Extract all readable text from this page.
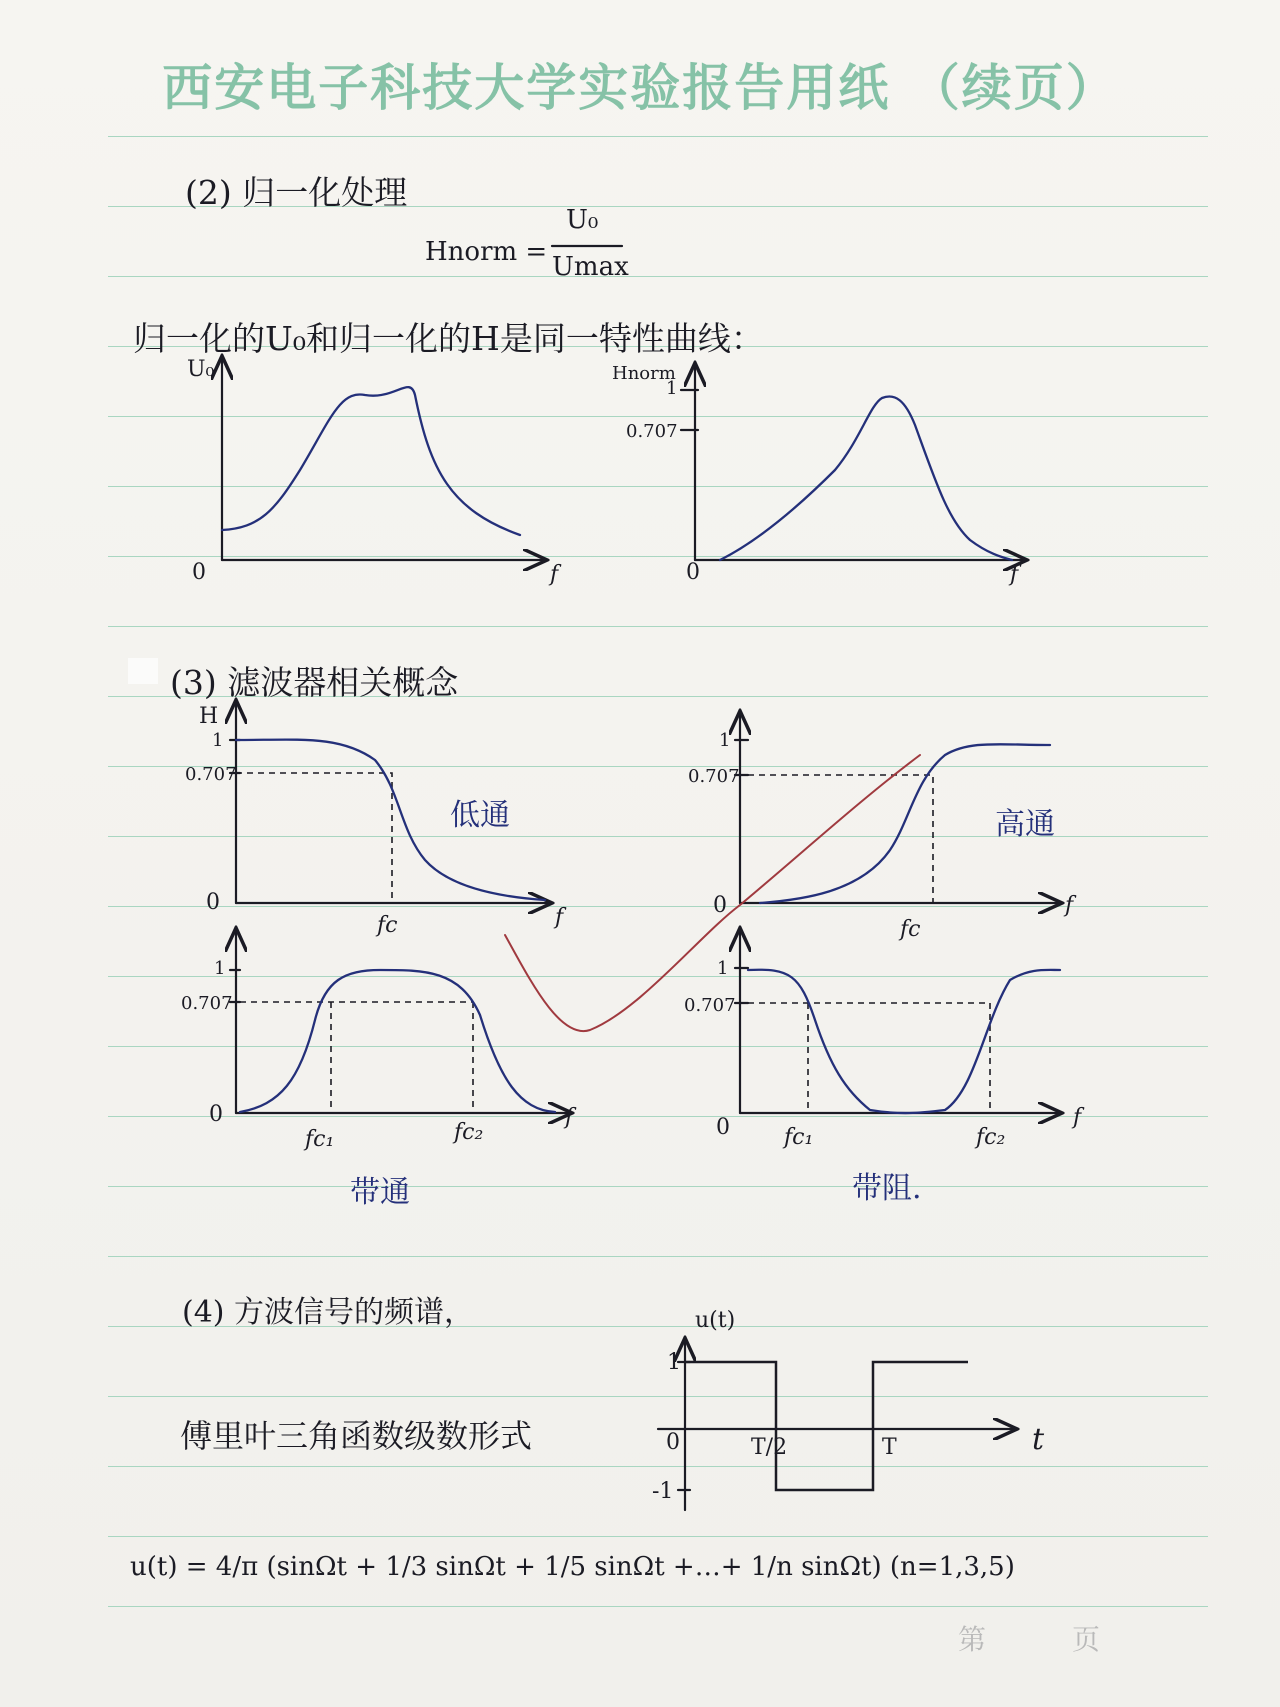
西安电子科技大学实验报告用纸 （续页）
(2) 归一化处理
Hnorm =
U₀
Umax
归一化的U₀和归一化的H是同一特性曲线：
U₀
0	f
Hnorm
1
0.707
0	f
(3) 滤波器相关概念
H
1
0.707
0
fc	f
低通
1
0.707
0
fc
f
高通
1
0.707
0
fc₁	fc₂
f
带通
1
0.707
0 fc₁	fc₂
f
带阻.
(4) 方波信号的频谱，
傅里叶三角函数级数形式
u(t)
1
-1
0	T/2	T	t
u(t) = 4/π (sinΩt + 1/3 sinΩt + 1/5 sinΩt +…+ 1/n sinΩt) (n=1,3,5)
第	页
